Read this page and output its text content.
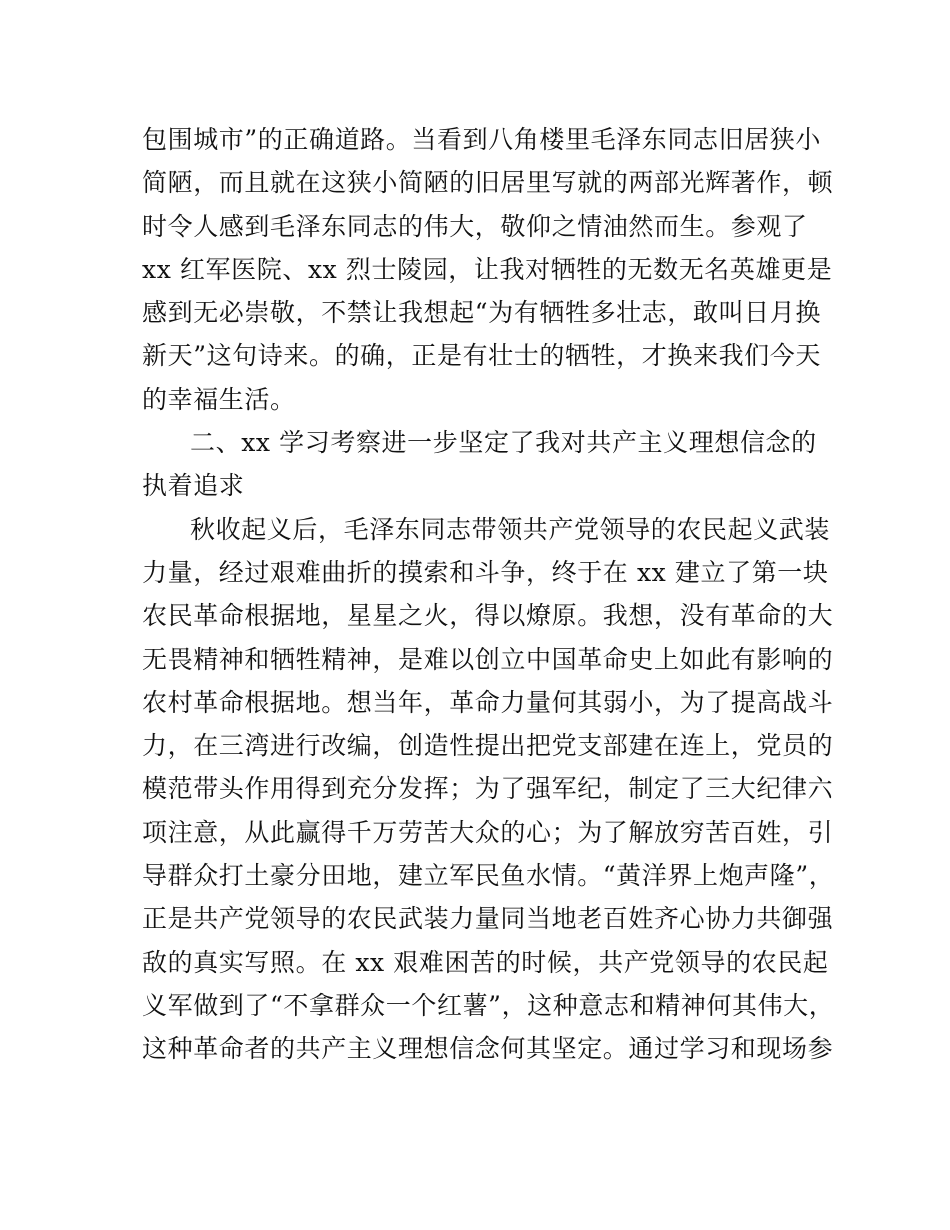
包围城市”的正确道路。当看到八角楼里毛泽东同志旧居狭小
简陋，而且就在这狭小简陋的旧居里写就的两部光辉著作，顿
时令人感到毛泽东同志的伟大，敬仰之情油然而生。参观了
xx 红军医院、xx 烈士陵园，让我对牺牲的无数无名英雄更是
感到无必崇敬，不禁让我想起“为有牺牲多壮志，敢叫日月换
新天”这句诗来。的确，正是有壮士的牺牲，才换来我们今天
的幸福生活。
二、xx 学习考察进一步坚定了我对共产主义理想信念的
执着追求
秋收起义后，毛泽东同志带领共产党领导的农民起义武装
力量，经过艰难曲折的摸索和斗争，终于在 xx 建立了第一块
农民革命根据地，星星之火，得以燎原。我想，没有革命的大
无畏精神和牺牲精神，是难以创立中国革命史上如此有影响的
农村革命根据地。想当年，革命力量何其弱小，为了提高战斗
力，在三湾进行改编，创造性提出把党支部建在连上，党员的
模范带头作用得到充分发挥；为了强军纪，制定了三大纪律六
项注意，从此赢得千万劳苦大众的心；为了解放穷苦百姓，引
导群众打土豪分田地，建立军民鱼水情。“黄洋界上炮声隆”，
正是共产党领导的农民武装力量同当地老百姓齐心协力共御强
敌的真实写照。在 xx 艰难困苦的时候，共产党领导的农民起
义军做到了“不拿群众一个红薯”，这种意志和精神何其伟大，
这种革命者的共产主义理想信念何其坚定。通过学习和现场参
